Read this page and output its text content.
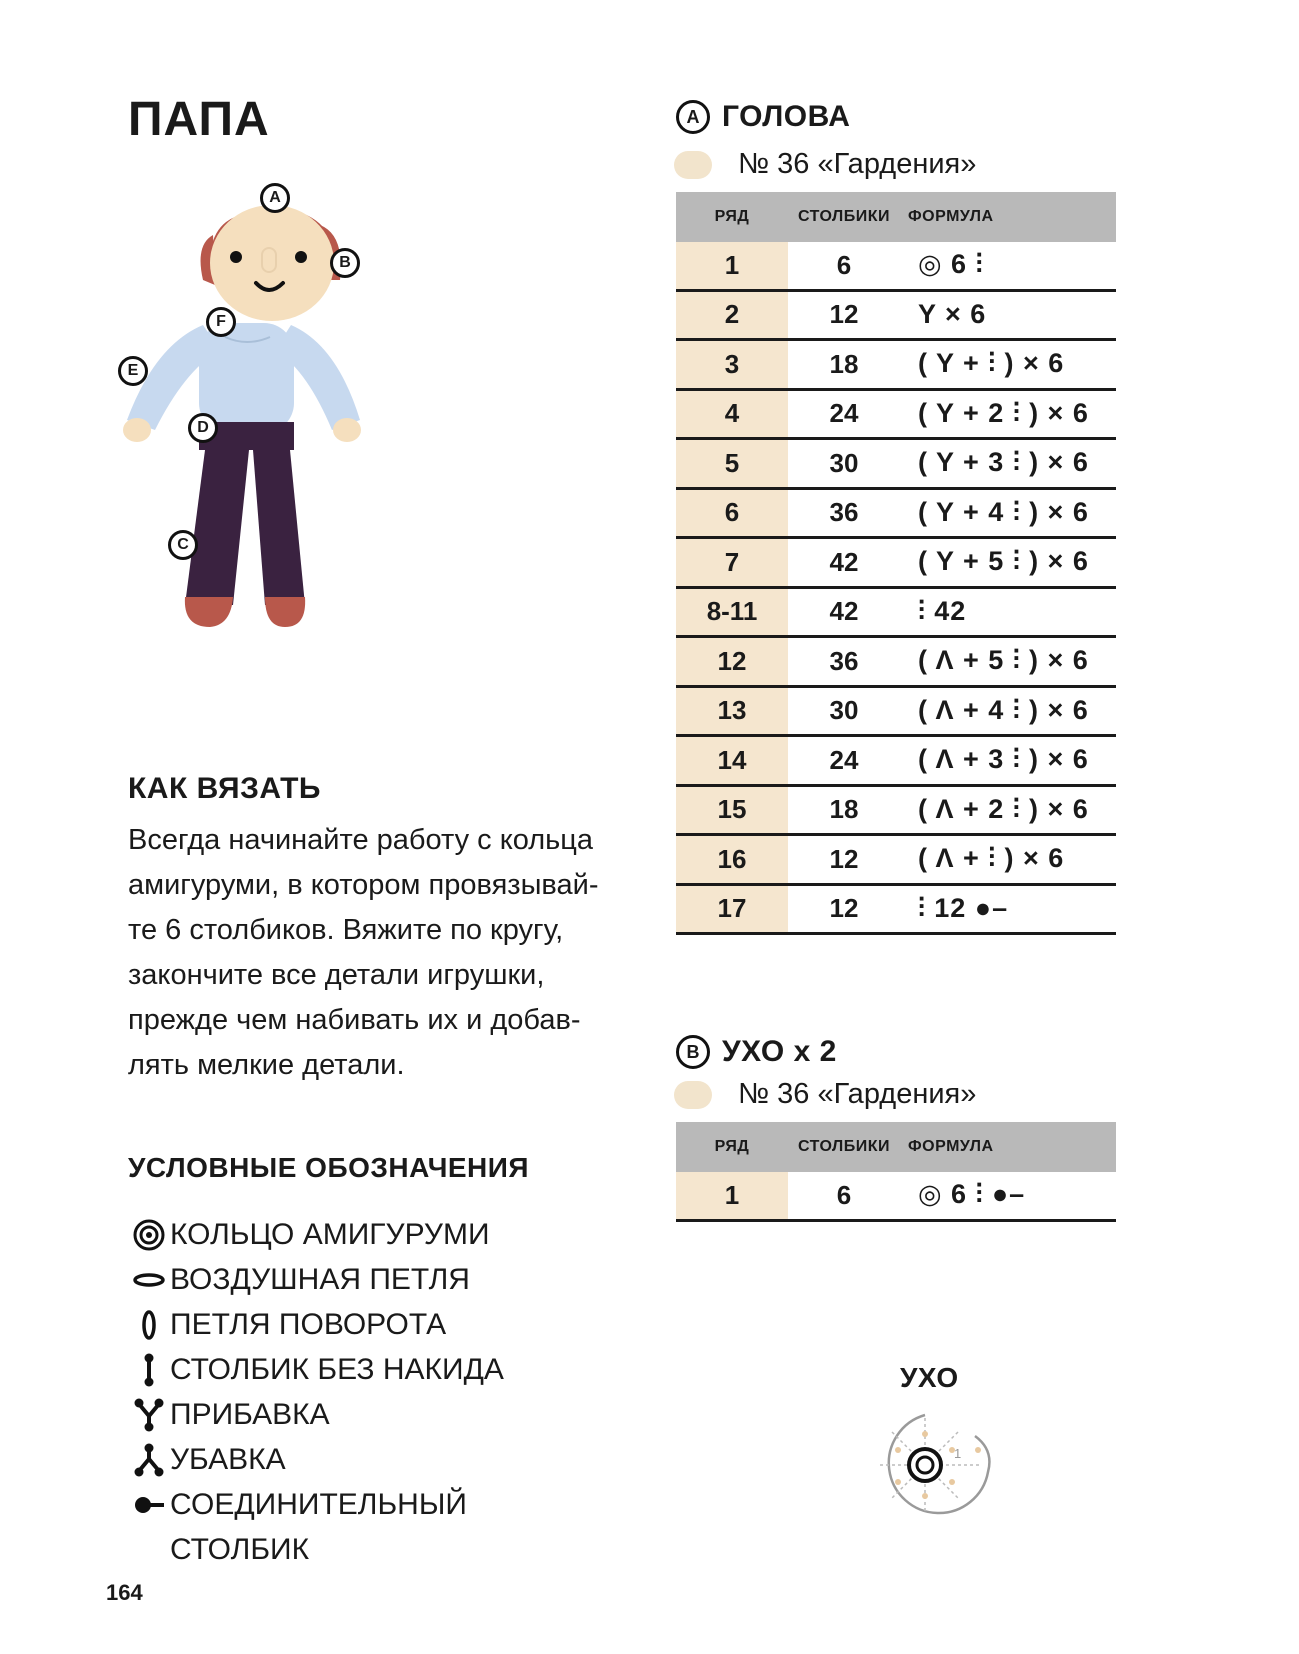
ПАПА
A
B
C
D
E
F
КАК ВЯЗАТЬ
Всегда начинайте работу с кольца
амигуруми, в котором провязывай-
те 6 столбиков. Вяжите по кругу,
закончите все детали игрушки,
прежде чем набивать их и добав-
лять мелкие детали.
УСЛОВНЫЕ ОБОЗНАЧЕНИЯ
КОЛЬЦО АМИГУРУМИ
ВОЗДУШНАЯ ПЕТЛЯ
ПЕТЛЯ ПОВОРОТА
СТОЛБИК БЕЗ НАКИДА
ПРИБАВКА
УБАВКА
СОЕДИНИТЕЛЬНЫЙ
СТОЛБИК
164
A ГОЛОВА
№ 36 «Гардения»
РЯД	СТОЛБИКИ	ФОРМУЛА
1	6	◎ 6 ⫶
2	12	Y × 6
3	18	( Y + ⫶ ) × 6
4	24	( Y + 2 ⫶ ) × 6
5	30	( Y + 3 ⫶ ) × 6
6	36	( Y + 4 ⫶ ) × 6
7	42	( Y + 5 ⫶ ) × 6
8-11	42	⫶ 42
12	36	( Λ + 5 ⫶ ) × 6
13	30	( Λ + 4 ⫶ ) × 6
14	24	( Λ + 3 ⫶ ) × 6
15	18	( Λ + 2 ⫶ ) × 6
16	12	( Λ + ⫶ ) × 6
17	12	⫶ 12 ●–
B УХО x 2
№ 36 «Гардения»
РЯД	СТОЛБИКИ	ФОРМУЛА
1	6	◎ 6 ⫶ ●–
УХО
1
